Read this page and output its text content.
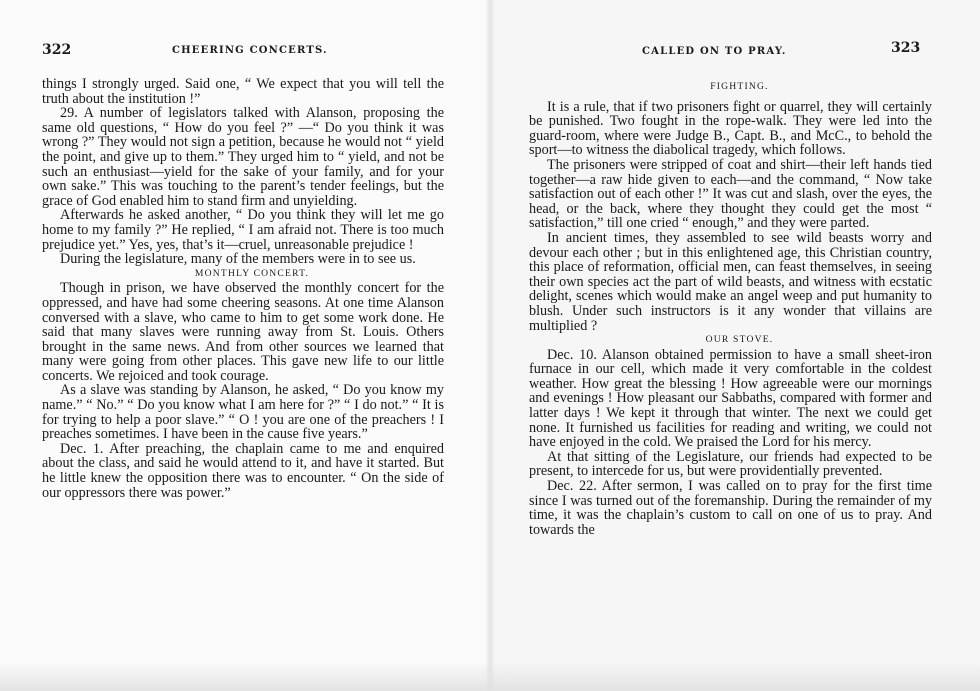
322	CHEERING CONCERTS.

things I strongly urged. Said one, “ We expect that you will tell the truth about the institution !”

29. A number of legislators talked with Alanson, proposing the same old questions, “ How do you feel ?” —“ Do you think it was wrong ?” They would not sign a petition, because he would not “ yield the point, and give up to them.” They urged him to “ yield, and not be such an enthusiast—yield for the sake of your family, and for your own sake.” This was touching to the parent’s tender feelings, but the grace of God enabled him to stand firm and unyielding.

Afterwards he asked another, “ Do you think they will let me go home to my family ?” He replied, “ I am afraid not. There is too much prejudice yet.” Yes, yes, that’s it—cruel, unreasonable prejudice !

During the legislature, many of the members were in to see us.

MONTHLY CONCERT.

Though in prison, we have observed the monthly concert for the oppressed, and have had some cheering seasons. At one time Alanson conversed with a slave, who came to him to get some work done. He said that many slaves were running away from St. Louis. Others brought in the same news. And from other sources we learned that many were going from other places. This gave new life to our little concerts. We rejoiced and took courage.

As a slave was standing by Alanson, he asked, “ Do you know my name.” “ No.” “ Do you know what I am here for ?” “ I do not.” “ It is for trying to help a poor slave.” “ O ! you are one of the preachers ! I preaches sometimes. I have been in the cause five years.”

Dec. 1. After preaching, the chaplain came to me and enquired about the class, and said he would attend to it, and have it started. But he little knew the opposition there was to encounter. “ On the side of our oppressors there was power.”

CALLED ON TO PRAY.	323

FIGHTING.

It is a rule, that if two prisoners fight or quarrel, they will certainly be punished. Two fought in the rope-walk. They were led into the guard-room, where were Judge B., Capt. B., and McC., to behold the sport—to witness the diabolical tragedy, which follows.

The prisoners were stripped of coat and shirt—their left hands tied together—a raw hide given to each—and the command, “ Now take satisfaction out of each other !” It was cut and slash, over the eyes, the head, or the back, where they thought they could get the most “ satisfaction,” till one cried “ enough,” and they were parted.

In ancient times, they assembled to see wild beasts worry and devour each other ; but in this enlightened age, this Christian country, this place of reformation, official men, can feast themselves, in seeing their own species act the part of wild beasts, and witness with ecstatic delight, scenes which would make an angel weep and put humanity to blush. Under such instructors is it any wonder that villains are multiplied ?

OUR STOVE.

Dec. 10. Alanson obtained permission to have a small sheet-iron furnace in our cell, which made it very comfortable in the coldest weather. How great the blessing ! How agreeable were our mornings and evenings ! How pleasant our Sabbaths, compared with former and latter days ! We kept it through that winter. The next we could get none. It furnished us facilities for reading and writing, we could not have enjoyed in the cold. We praised the Lord for his mercy.

At that sitting of the Legislature, our friends had expected to be present, to intercede for us, but were providentially prevented.

Dec. 22. After sermon, I was called on to pray for the first time since I was turned out of the foremanship. During the remainder of my time, it was the chaplain’s custom to call on one of us to pray. And towards the
